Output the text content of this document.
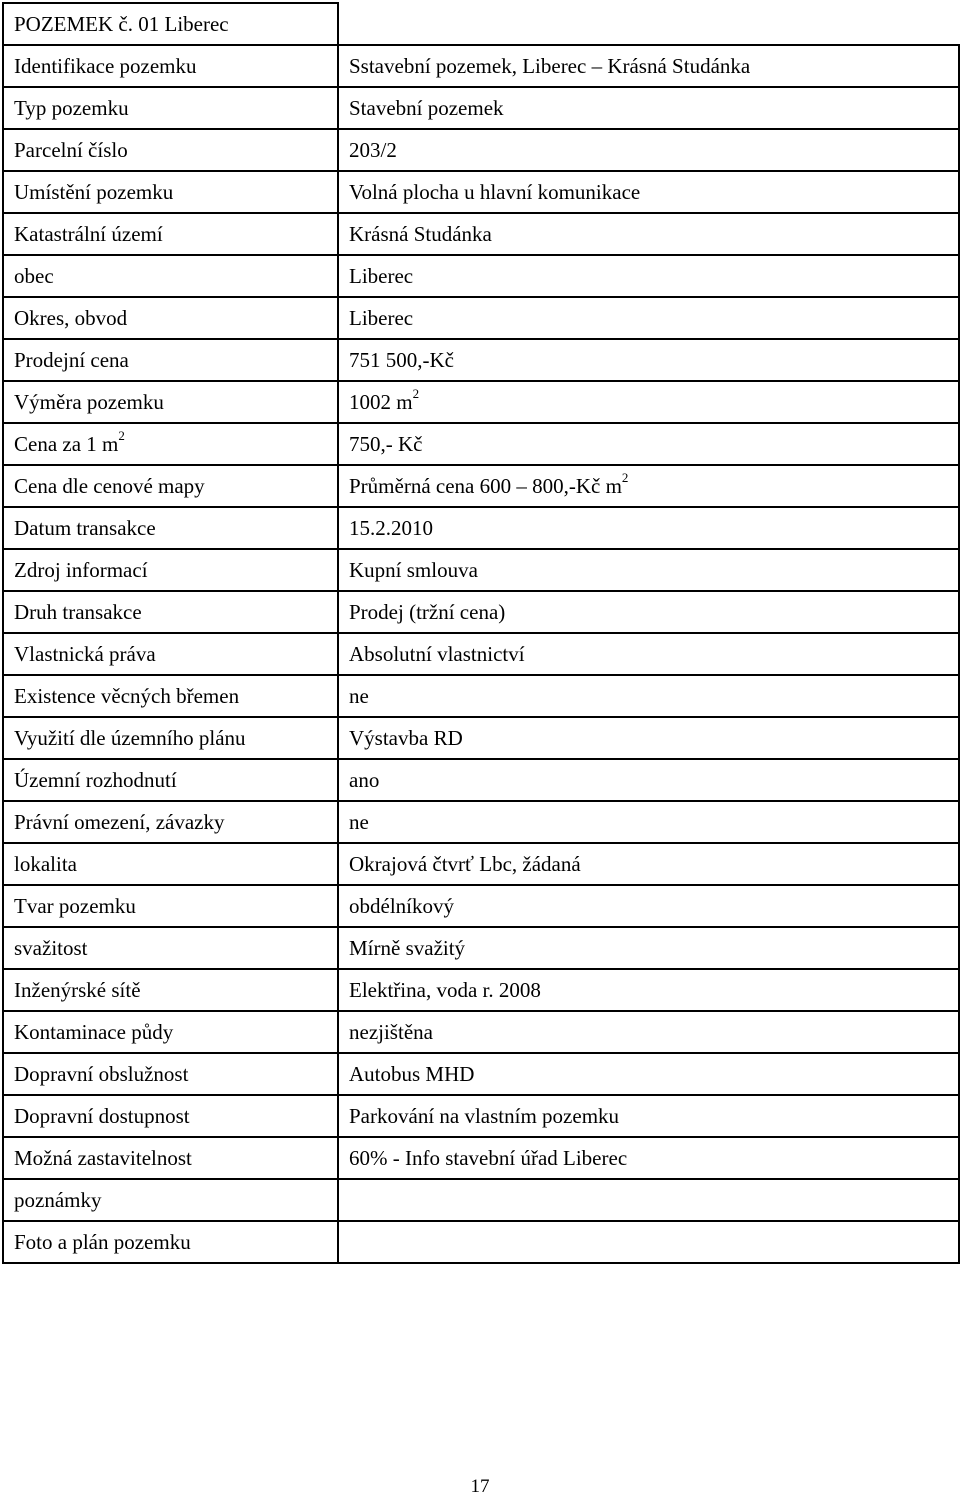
POZEMEK č. 01 Liberec	
Identifikace pozemku	Sstavební pozemek, Liberec – Krásná Studánka
Typ pozemku	Stavební pozemek
Parcelní číslo	203/2
Umístění pozemku	Volná plocha u hlavní komunikace
Katastrální území	Krásná Studánka
obec	Liberec
Okres, obvod	Liberec
Prodejní cena	751 500,-Kč
Výměra pozemku	1002 $m^2$
Cena za 1 $m^2$	750,- Kč
Cena dle cenové mapy	Průměrná cena 600 – 800,-Kč $m^2$
Datum transakce	15.2.2010
Zdroj informací	Kupní smlouva
Druh transakce	Prodej (tržní cena)
Vlastnická práva	Absolutní vlastnictví
Existence věcných břemen	ne
Využití dle územního plánu	Výstavba RD
Územní rozhodnutí	ano
Právní omezení, závazky	ne
lokalita	Okrajová čtvrť Lbc, žádaná
Tvar pozemku	obdélníkový
svažitost	Mírně svažitý
Inženýrské sítě	Elektřina, voda r. 2008
Kontaminace půdy	nezjištěna
Dopravní obslužnost	Autobus MHD
Dopravní dostupnost	Parkování na vlastním pozemku
Možná zastavitelnost	60% - Info stavební úřad Liberec
poznámky	
Foto a plán pozemku	
17
